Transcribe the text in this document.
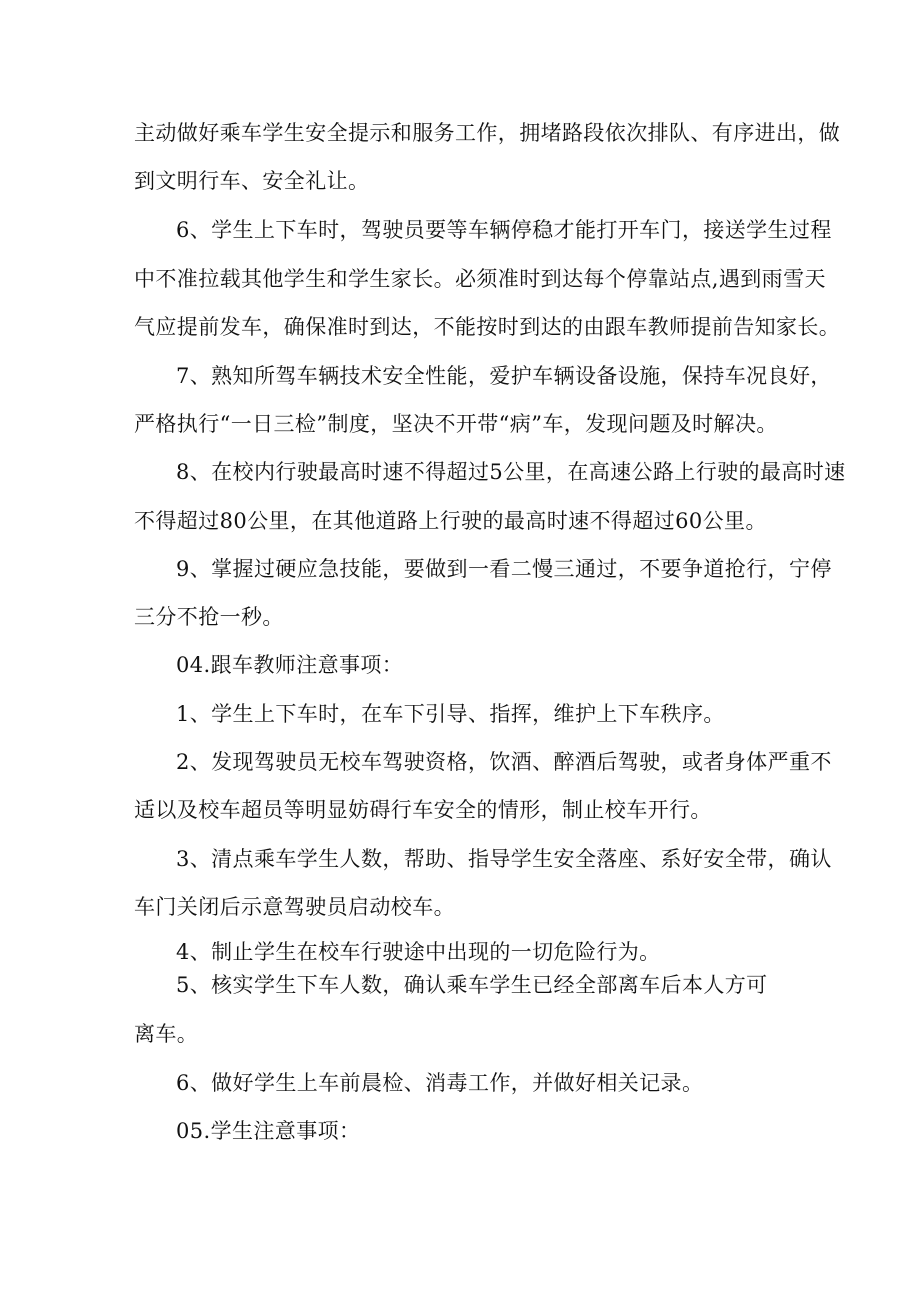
主动做好乘车学生安全提示和服务工作，拥堵路段依次排队、有序进出，做
到文明行车、安全礼让。
6、学生上下车时，驾驶员要等车辆停稳才能打开车门，接送学生过程
中不准拉载其他学生和学生家长。必须准时到达每个停靠站点,遇到雨雪天
气应提前发车，确保准时到达，不能按时到达的由跟车教师提前告知家长。
7、熟知所驾车辆技术安全性能，爱护车辆设备设施，保持车况良好，
严格执行“一日三检”制度，坚决不开带“病”车，发现问题及时解决。
8、在校内行驶最高时速不得超过5公里，在高速公路上行驶的最高时速
不得超过80公里，在其他道路上行驶的最高时速不得超过60公里。
9、掌握过硬应急技能，要做到一看二慢三通过，不要争道抢行，宁停
三分不抢一秒。
04.跟车教师注意事项：
1、学生上下车时，在车下引导、指挥，维护上下车秩序。
2、发现驾驶员无校车驾驶资格，饮酒、醉酒后驾驶，或者身体严重不
适以及校车超员等明显妨碍行车安全的情形，制止校车开行。
3、清点乘车学生人数，帮助、指导学生安全落座、系好安全带，确认
车门关闭后示意驾驶员启动校车。
4、制止学生在校车行驶途中出现的一切危险行为。
5、核实学生下车人数，确认乘车学生已经全部离车后本人方可
离车。
6、做好学生上车前晨检、消毒工作，并做好相关记录。
05.学生注意事项：
